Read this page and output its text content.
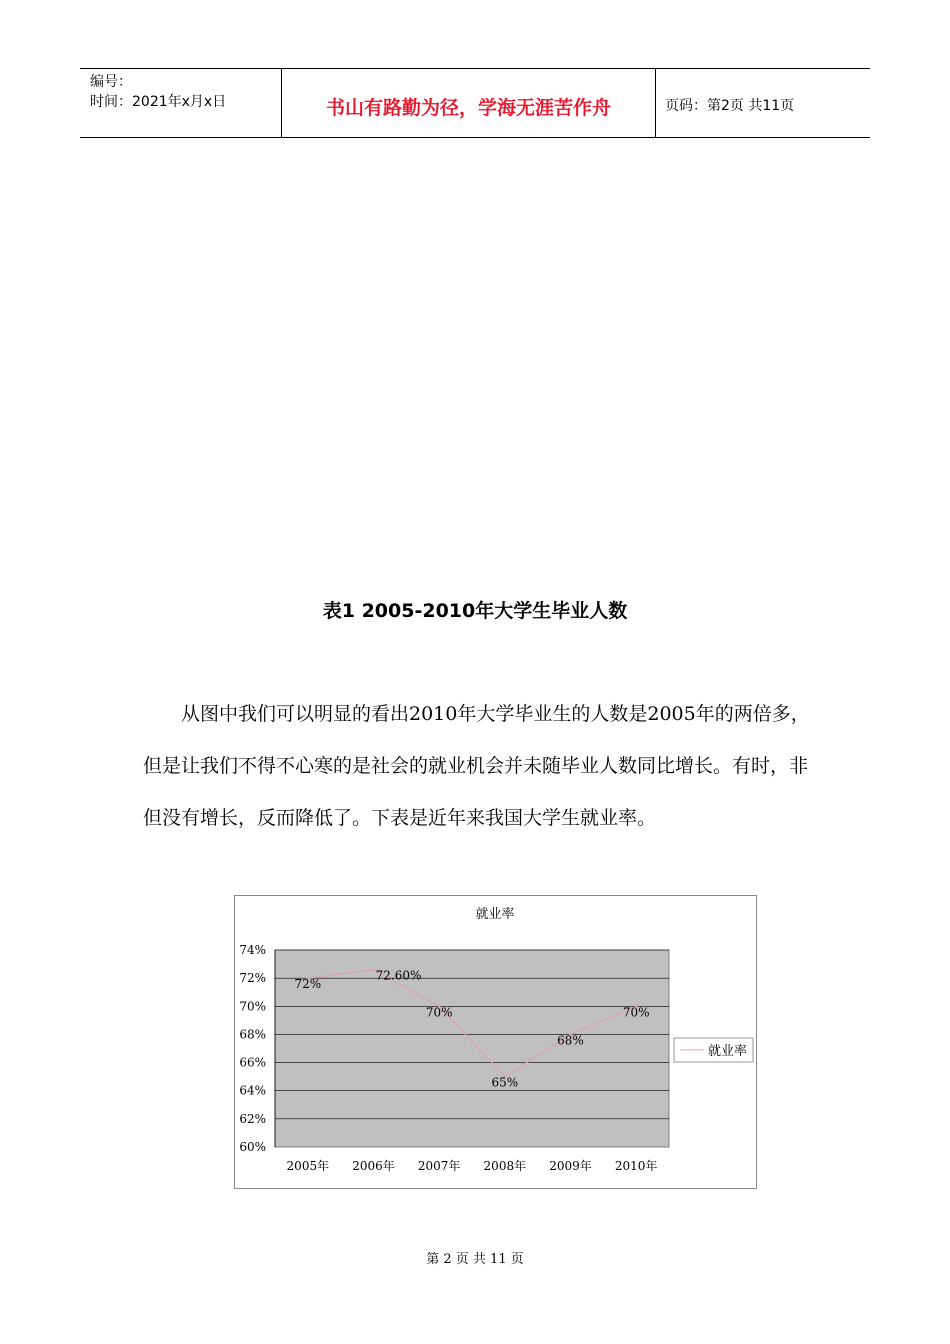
编号：
时间：2021年x月x日	书山有路勤为径，学海无涯苦作舟	页码：第2页 共11页
表1 2005-2010年大学生毕业人数

从图中我们可以明显的看出2010年大学毕业生的人数是2005年的两倍多，但是让我们不得不心寒的是社会的就业机会并未随毕业人数同比增长。有时，非但没有增长，反而降低了。下表是近年来我国大学生就业率。

就业率
60%
62%
64%
66%
68%
70%
72%
74%
2005年 2006年 2007年 2008年 2009年 2010年
72%
72.60%
70%
65%
68%
70%
就业率
第 2 页 共 11 页
